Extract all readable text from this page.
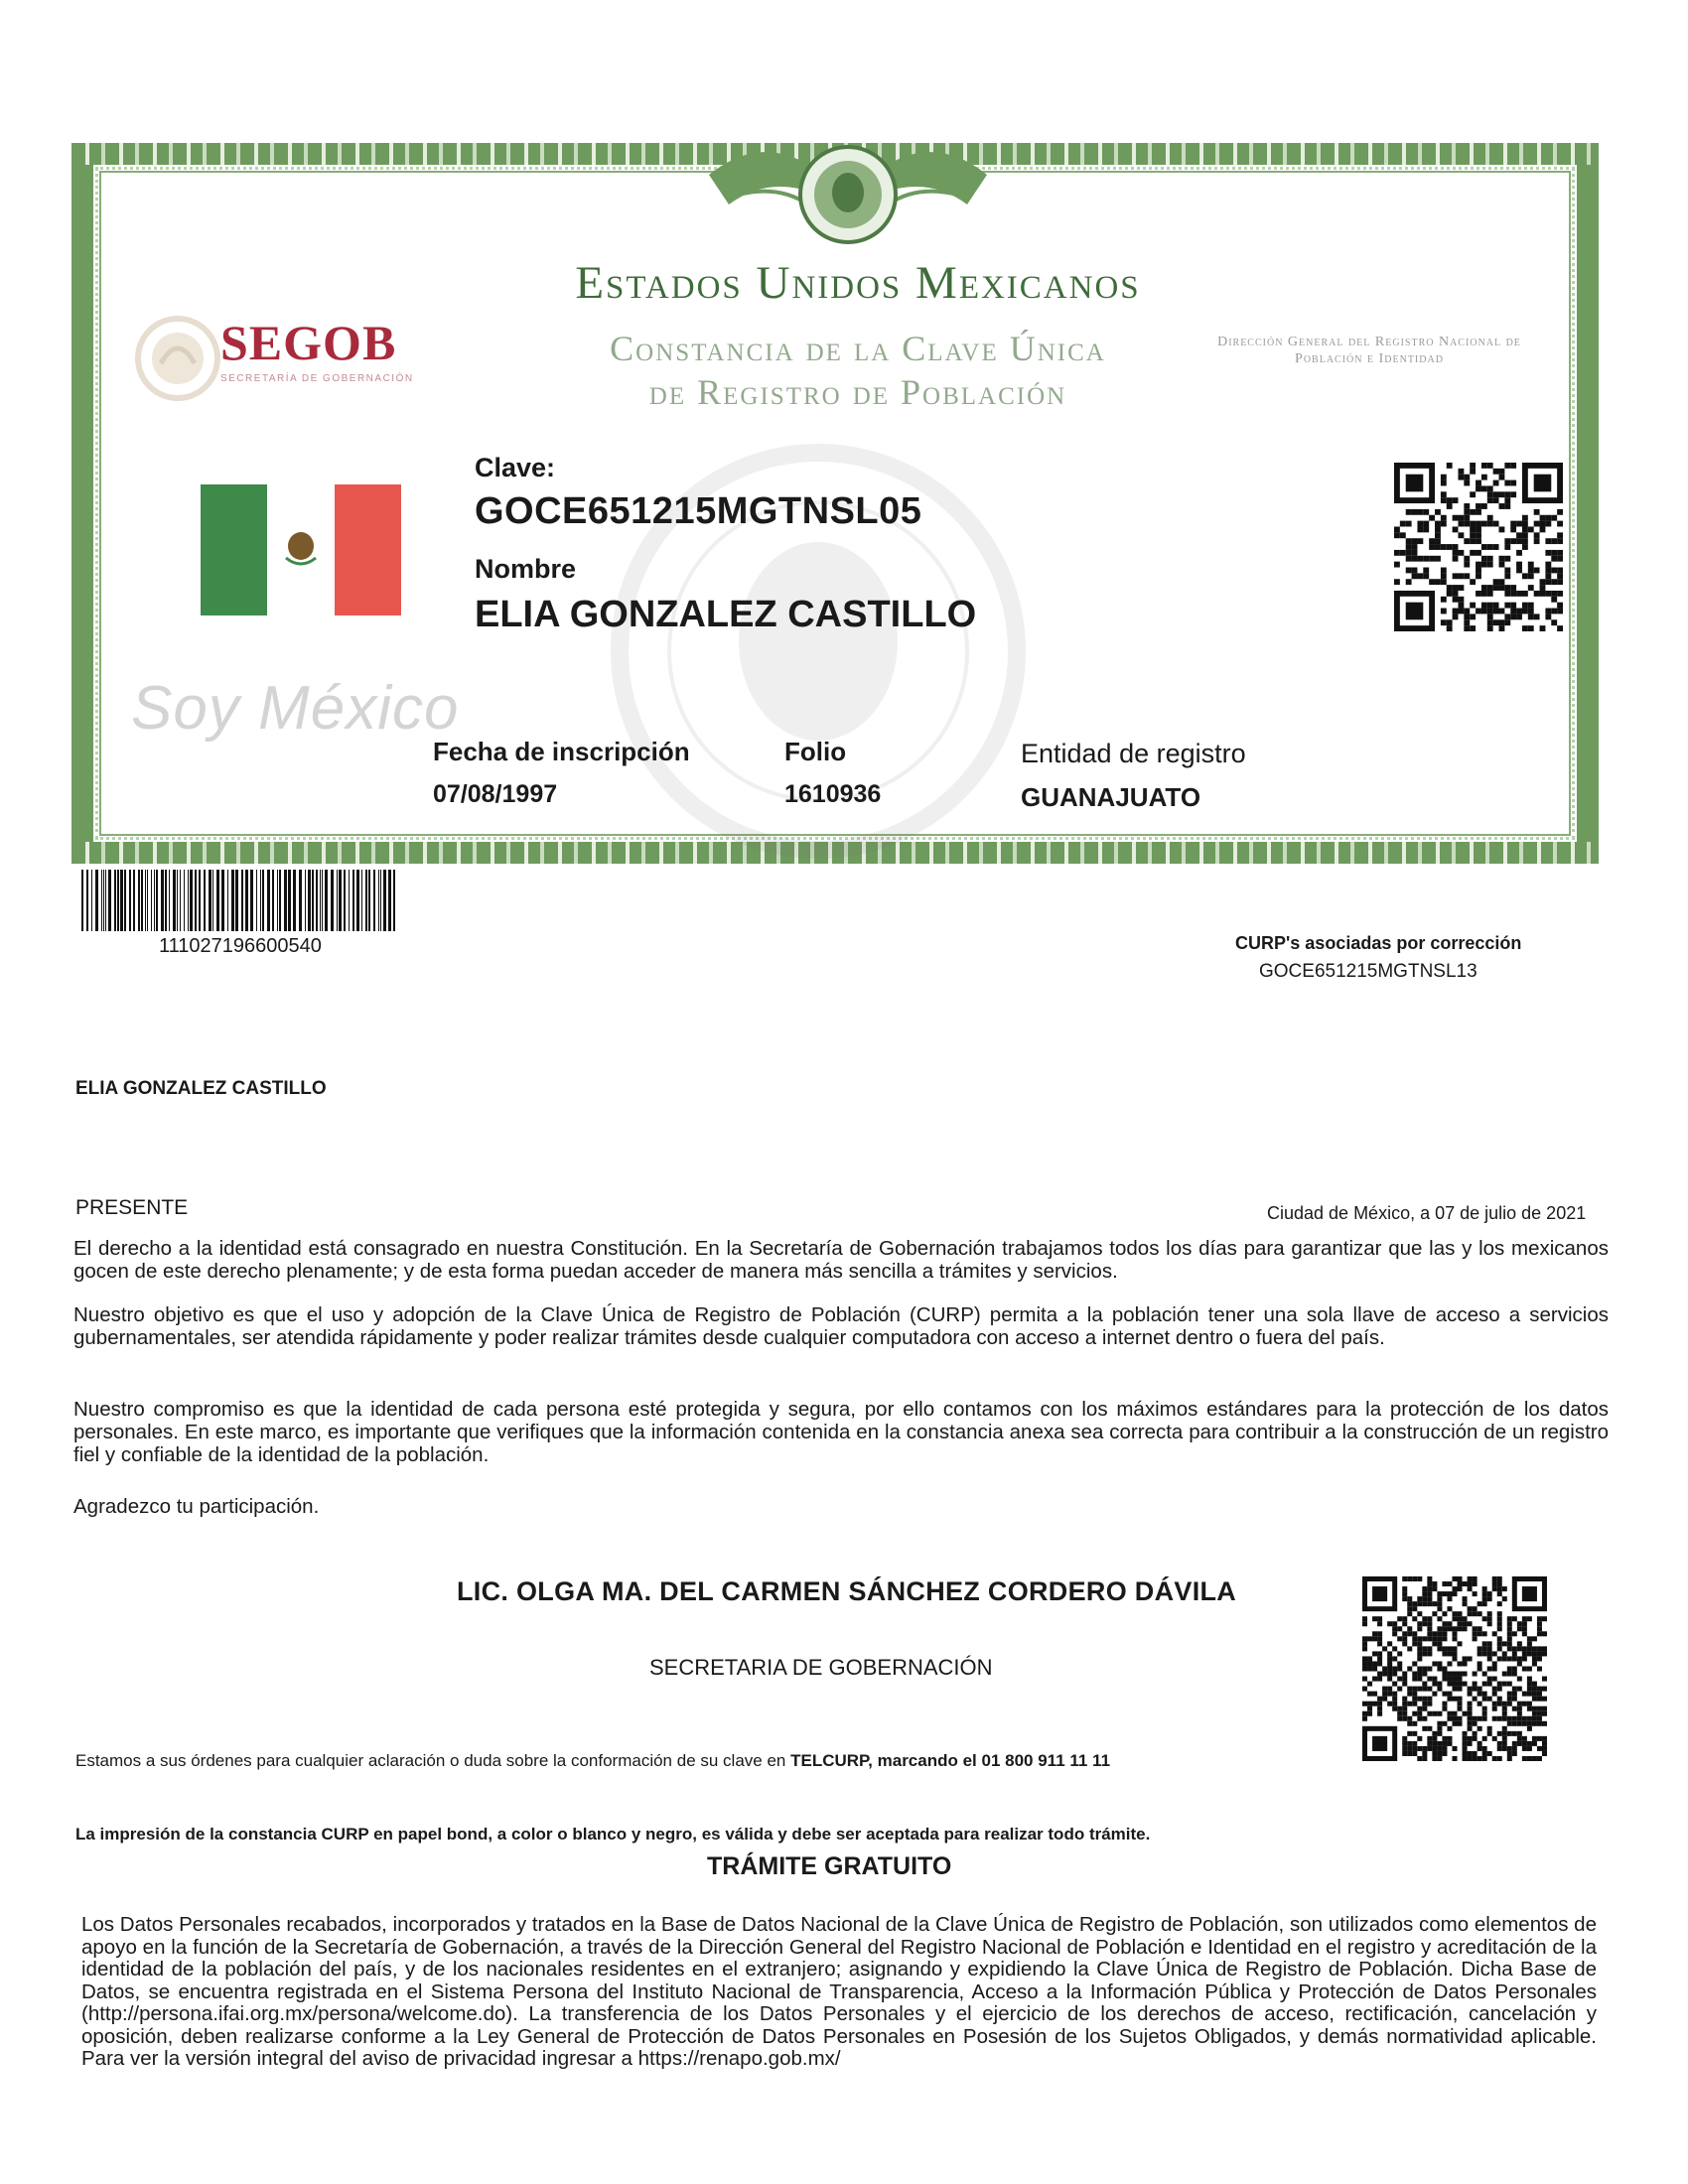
Estados Unidos Mexicanos
Constancia de la Clave Única
de Registro de Población
SEGOB
SECRETARÍA DE GOBERNACIÓN
Dirección General del Registro Nacional de Población e Identidad
Clave:
GOCE651215MGTNSL05
Nombre
ELIA GONZALEZ CASTILLO
Soy México
Fecha de inscripción
07/08/1997
Folio
1610936
Entidad de registro
GUANAJUATO
111027196600540	CURP's asociadas por corrección
GOCE651215MGTNSL13
ELIA GONZALEZ CASTILLO
PRESENTE	Ciudad de México, a 07 de julio de 2021
El derecho a la identidad está consagrado en nuestra Constitución. En la Secretaría de Gobernación trabajamos todos los días para garantizar que las y los mexicanos gocen de este derecho plenamente; y de esta forma puedan acceder de manera más sencilla a trámites y servicios.
Nuestro objetivo es que el uso y adopción de la Clave Única de Registro de Población (CURP) permita a la población tener una sola llave de acceso a servicios gubernamentales, ser atendida rápidamente y poder realizar trámites desde cualquier computadora con acceso a internet dentro o fuera del país.
Nuestro compromiso es que la identidad de cada persona esté protegida y segura, por ello contamos con los máximos estándares para la protección de los datos personales. En este marco, es importante que verifiques que la información contenida en la constancia anexa sea correcta para contribuir a la construcción de un registro fiel y confiable de la identidad de la población.
Agradezco tu participación.
LIC. OLGA MA. DEL CARMEN SÁNCHEZ CORDERO DÁVILA
SECRETARIA DE GOBERNACIÓN
Estamos a sus órdenes para cualquier aclaración o duda sobre la conformación de su clave en TELCURP, marcando el 01 800 911 11 11
La impresión de la constancia CURP en papel bond, a color o blanco y negro, es válida y debe ser aceptada para realizar todo trámite.
TRÁMITE GRATUITO
Los Datos Personales recabados, incorporados y tratados en la Base de Datos Nacional de la Clave Única de Registro de Población, son utilizados como elementos de apoyo en la función de la Secretaría de Gobernación, a través de la Dirección General del Registro Nacional de Población e Identidad en el registro y acreditación de la identidad de la población del país, y de los nacionales residentes en el extranjero; asignando y expidiendo la Clave Única de Registro de Población. Dicha Base de Datos, se encuentra registrada en el Sistema Persona del Instituto Nacional de Transparencia, Acceso a la Información Pública y Protección de Datos Personales (http://persona.ifai.org.mx/persona/welcome.do). La transferencia de los Datos Personales y el ejercicio de los derechos de acceso, rectificación, cancelación y oposición, deben realizarse conforme a la Ley General de Protección de Datos Personales en Posesión de los Sujetos Obligados, y demás normatividad aplicable. Para ver la versión integral del aviso de privacidad ingresar a https://renapo.gob.mx/
